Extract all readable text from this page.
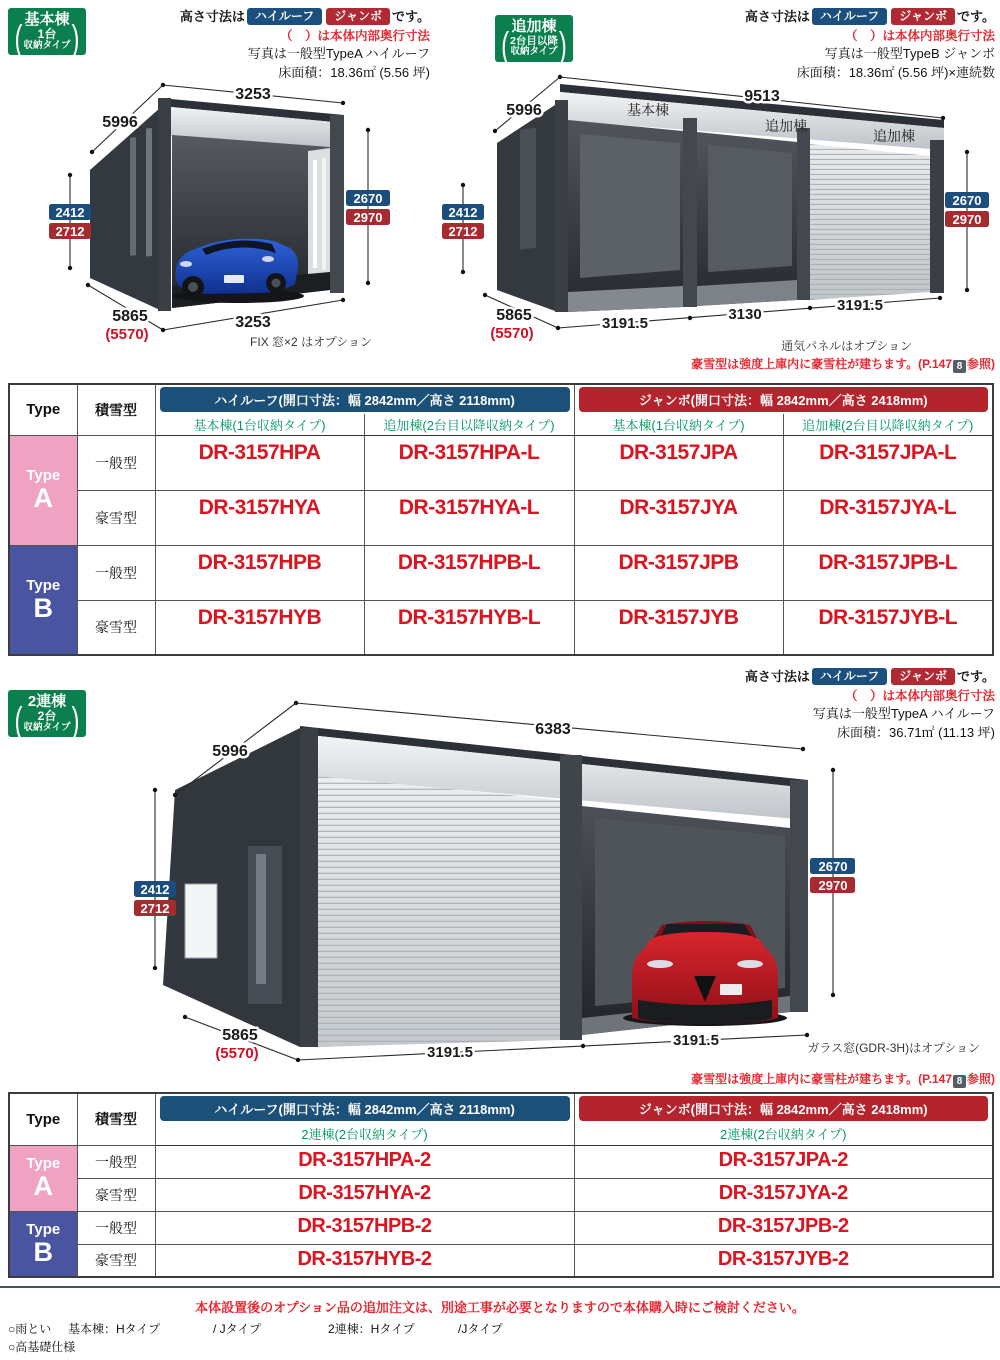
基本棟
(	1台
収納タイプ )
高さ寸法は ハイルーフ ジャンボ です。
（　）は本体内部奥行寸法
写真は一般型TypeA ハイルーフ
床面積：18.36㎡ (5.56 坪)
3253
5996
2412
2712
2670
2970
5865
(5570)
3253
FIX 窓×2 はオプション
追加棟
( 2台目以降
収納タイプ )
高さ寸法は ハイルーフ ジャンボ です。
（　）は本体内部奥行寸法
写真は一般型TypeB ジャンボ
床面積：18.36㎡ (5.56 坪)×連続数
基本棟
追加棟
追加棟
9513
5996
2412
2712
2670
2970
5865
(5570)
3191.5
3130
3191.5
通気パネルはオプション
豪雪型は強度上庫内に豪雪柱が建ちます。(P.147 8 参照)
Type	積雪型	ハイルーフ(開口寸法：幅 2842mm／高さ 2118mm)		ジャンボ(開口寸法：幅 2842mm／高さ 2418mm)	

		基本棟(1台収納タイプ)	追加棟(2台目以降収納タイプ)	基本棟(1台収納タイプ)	追加棟(2台目以降収納タイプ)

Type
A	一般型	DR-3157HPA	DR-3157HPA-L	DR-3157JPA	DR-3157JPA-L
	豪雪型	DR-3157HYA	DR-3157HYA-L	DR-3157JYA	DR-3157JYA-L

Type
B	一般型	DR-3157HPB	DR-3157HPB-L	DR-3157JPB	DR-3157JPB-L
	豪雪型	DR-3157HYB	DR-3157HYB-L	DR-3157JYB	DR-3157JYB-L
2連棟
(	2台
収納タイプ )
高さ寸法は ハイルーフ ジャンボ です。
（　）は本体内部奥行寸法
写真は一般型TypeA ハイルーフ
床面積：36.71㎡ (11.13 坪)
6383
5996
2412
2712
2670
2970
5865
(5570)	3191.5
3191.5	ガラス窓(GDR-3H)はオプション
豪雪型は強度上庫内に豪雪柱が建ちます。(P.147 8 参照)
Type	積雪型	ハイルーフ(開口寸法：幅 2842mm／高さ 2118mm)	ジャンボ(開口寸法：幅 2842mm／高さ 2418mm)

		2連棟(2台収納タイプ)	2連棟(2台収納タイプ)

Type
A	一般型	DR-3157HPA-2	DR-3157JPA-2
	豪雪型	DR-3157HYA-2	DR-3157JYA-2

Type
B	一般型	DR-3157HPB-2	DR-3157JPB-2
	豪雪型	DR-3157HYB-2	DR-3157JYB-2
本体設置後のオプション品の追加注文は、別途工事が必要となりますので本体購入時にご検討ください。
○雨とい 基本棟：Hタイプ	/ Jタイプ	2連棟：Hタイプ	/Jタイプ
○高基礎仕様
